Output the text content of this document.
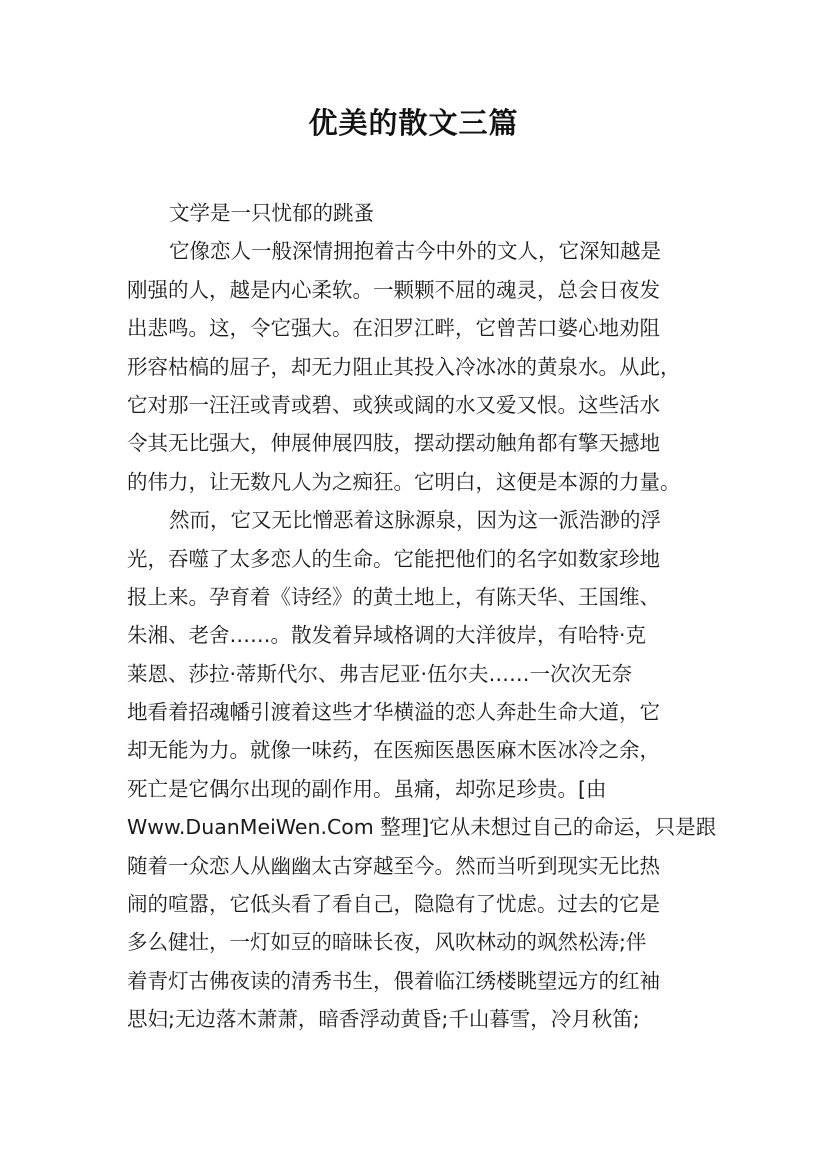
优美的散文三篇
文学是一只忧郁的跳蚤
它像恋人一般深情拥抱着古今中外的文人，它深知越是
刚强的人，越是内心柔软。一颗颗不屈的魂灵，总会日夜发
出悲鸣。这，令它强大。在汨罗江畔，它曾苦口婆心地劝阻
形容枯槁的屈子，却无力阻止其投入冷冰冰的黄泉水。从此，
它对那一汪汪或青或碧、或狭或阔的水又爱又恨。这些活水
令其无比强大，伸展伸展四肢，摆动摆动触角都有擎天撼地
的伟力，让无数凡人为之痴狂。它明白，这便是本源的力量。
然而，它又无比憎恶着这脉源泉，因为这一派浩渺的浮
光，吞噬了太多恋人的生命。它能把他们的名字如数家珍地
报上来。孕育着《诗经》的黄土地上，有陈天华、王国维、
朱湘、老舍……。散发着异域格调的大洋彼岸，有哈特·克
莱恩、莎拉·蒂斯代尔、弗吉尼亚·伍尔夫……一次次无奈
地看着招魂幡引渡着这些才华横溢的恋人奔赴生命大道，它
却无能为力。就像一味药，在医痴医愚医麻木医冰冷之余，
死亡是它偶尔出现的副作用。虽痛，却弥足珍贵。[由
Www.DuanMeiWen.Com 整理]它从未想过自己的命运，只是跟
随着一众恋人从幽幽太古穿越至今。然而当听到现实无比热
闹的喧嚣，它低头看了看自己，隐隐有了忧虑。过去的它是
多么健壮，一灯如豆的暗昧长夜，风吹林动的飒然松涛;伴
着青灯古佛夜读的清秀书生，偎着临江绣楼眺望远方的红袖
思妇;无边落木萧萧，暗香浮动黄昏;千山暮雪，冷月秋笛;
